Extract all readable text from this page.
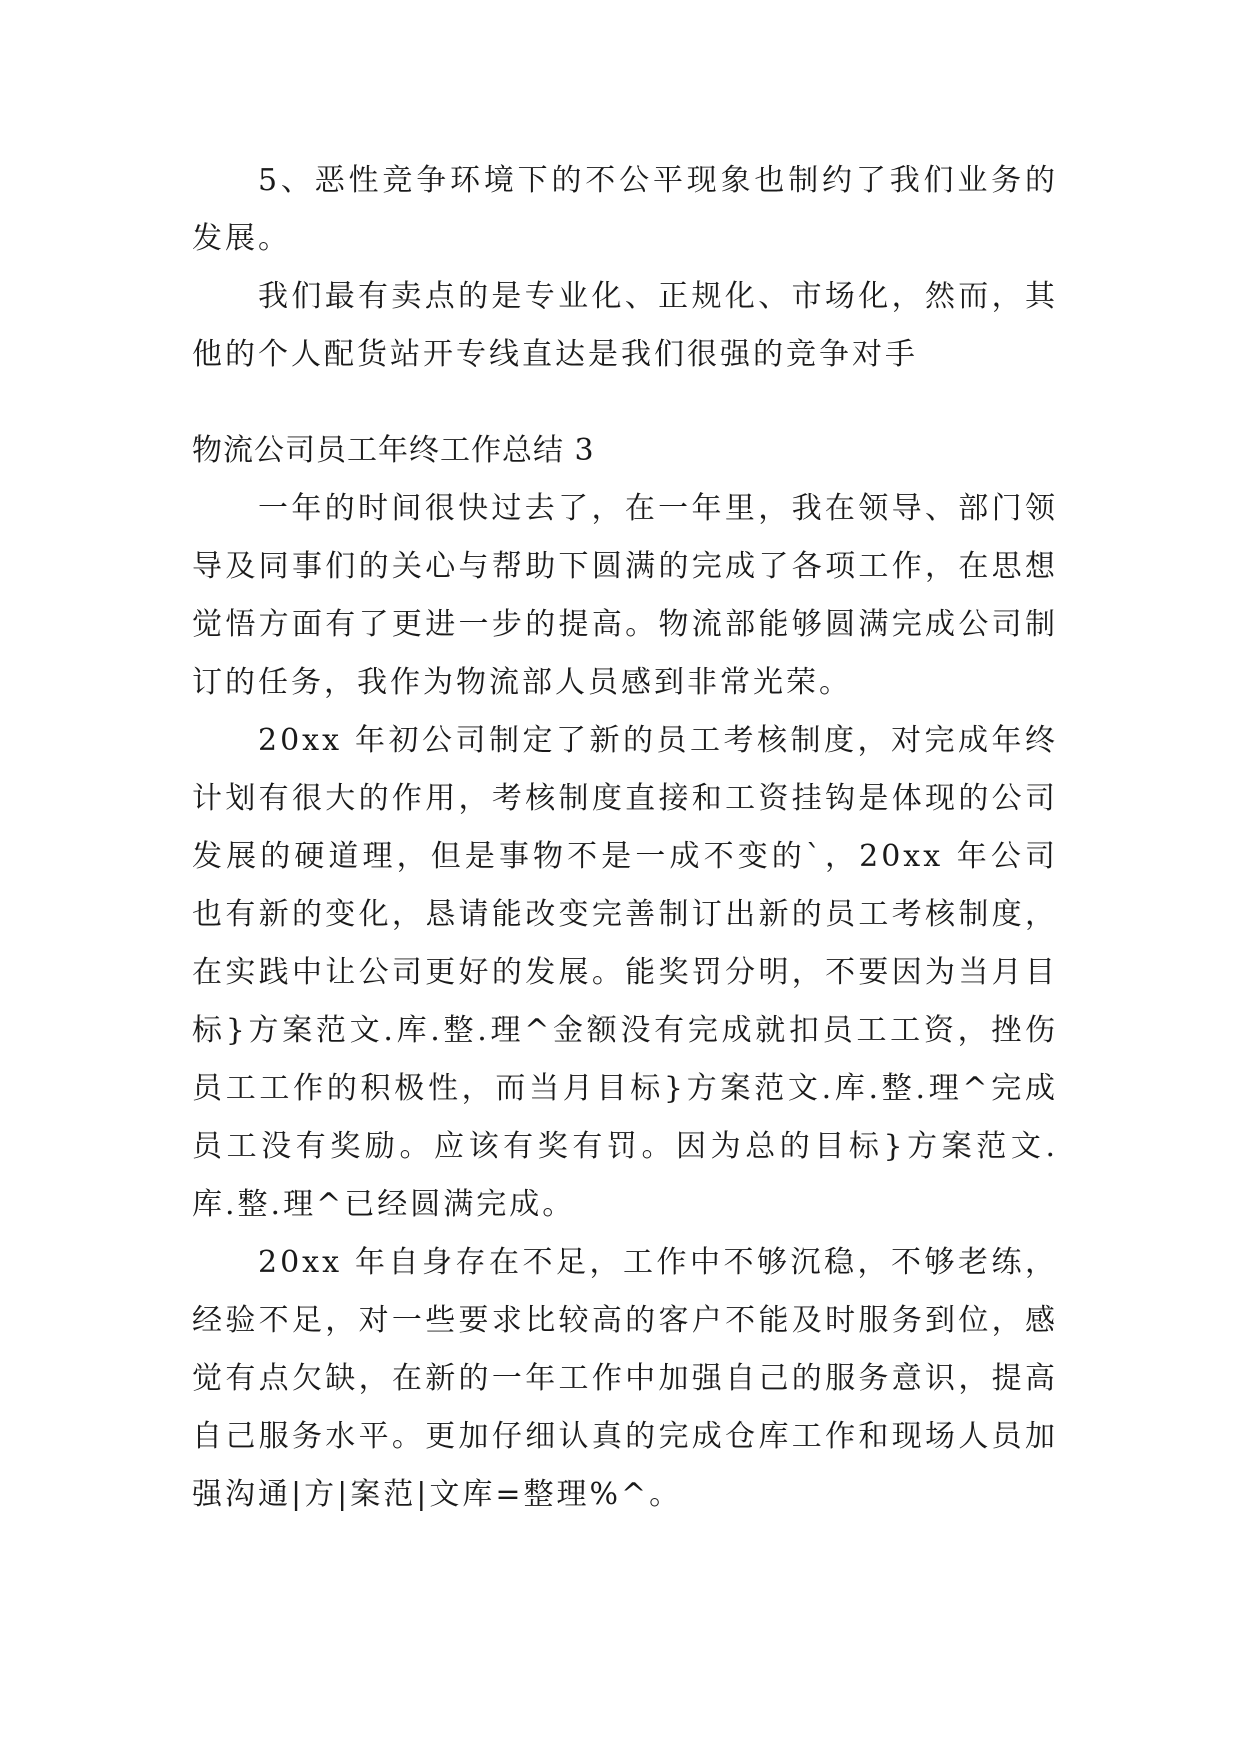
5、恶性竞争环境下的不公平现象也制约了我们业务的发展。

我们最有卖点的是专业化、正规化、市场化，然而，其他的个人配货站开专线直达是我们很强的竞争对手

物流公司员工年终工作总结 3

一年的时间很快过去了，在一年里，我在领导、部门领导及同事们的关心与帮助下圆满的完成了各项工作，在思想觉悟方面有了更进一步的提高。物流部能够圆满完成公司制订的任务，我作为物流部人员感到非常光荣。

20xx 年初公司制定了新的员工考核制度，对完成年终计划有很大的作用，考核制度直接和工资挂钩是体现的公司发展的硬道理，但是事物不是一成不变的`，20xx 年公司也有新的变化，恳请能改变完善制订出新的员工考核制度，在实践中让公司更好的发展。能奖罚分明，不要因为当月目标}方案范文.库.整.理^金额没有完成就扣员工工资，挫伤员工工作的积极性，而当月目标}方案范文.库.整.理^完成员工没有奖励。应该有奖有罚。因为总的目标}方案范文.库.整.理^已经圆满完成。

20xx 年自身存在不足，工作中不够沉稳，不够老练，经验不足，对一些要求比较高的客户不能及时服务到位，感觉有点欠缺，在新的一年工作中加强自己的服务意识，提高自己服务水平。更加仔细认真的完成仓库工作和现场人员加强沟通|方|案范|文库=整理%^。
